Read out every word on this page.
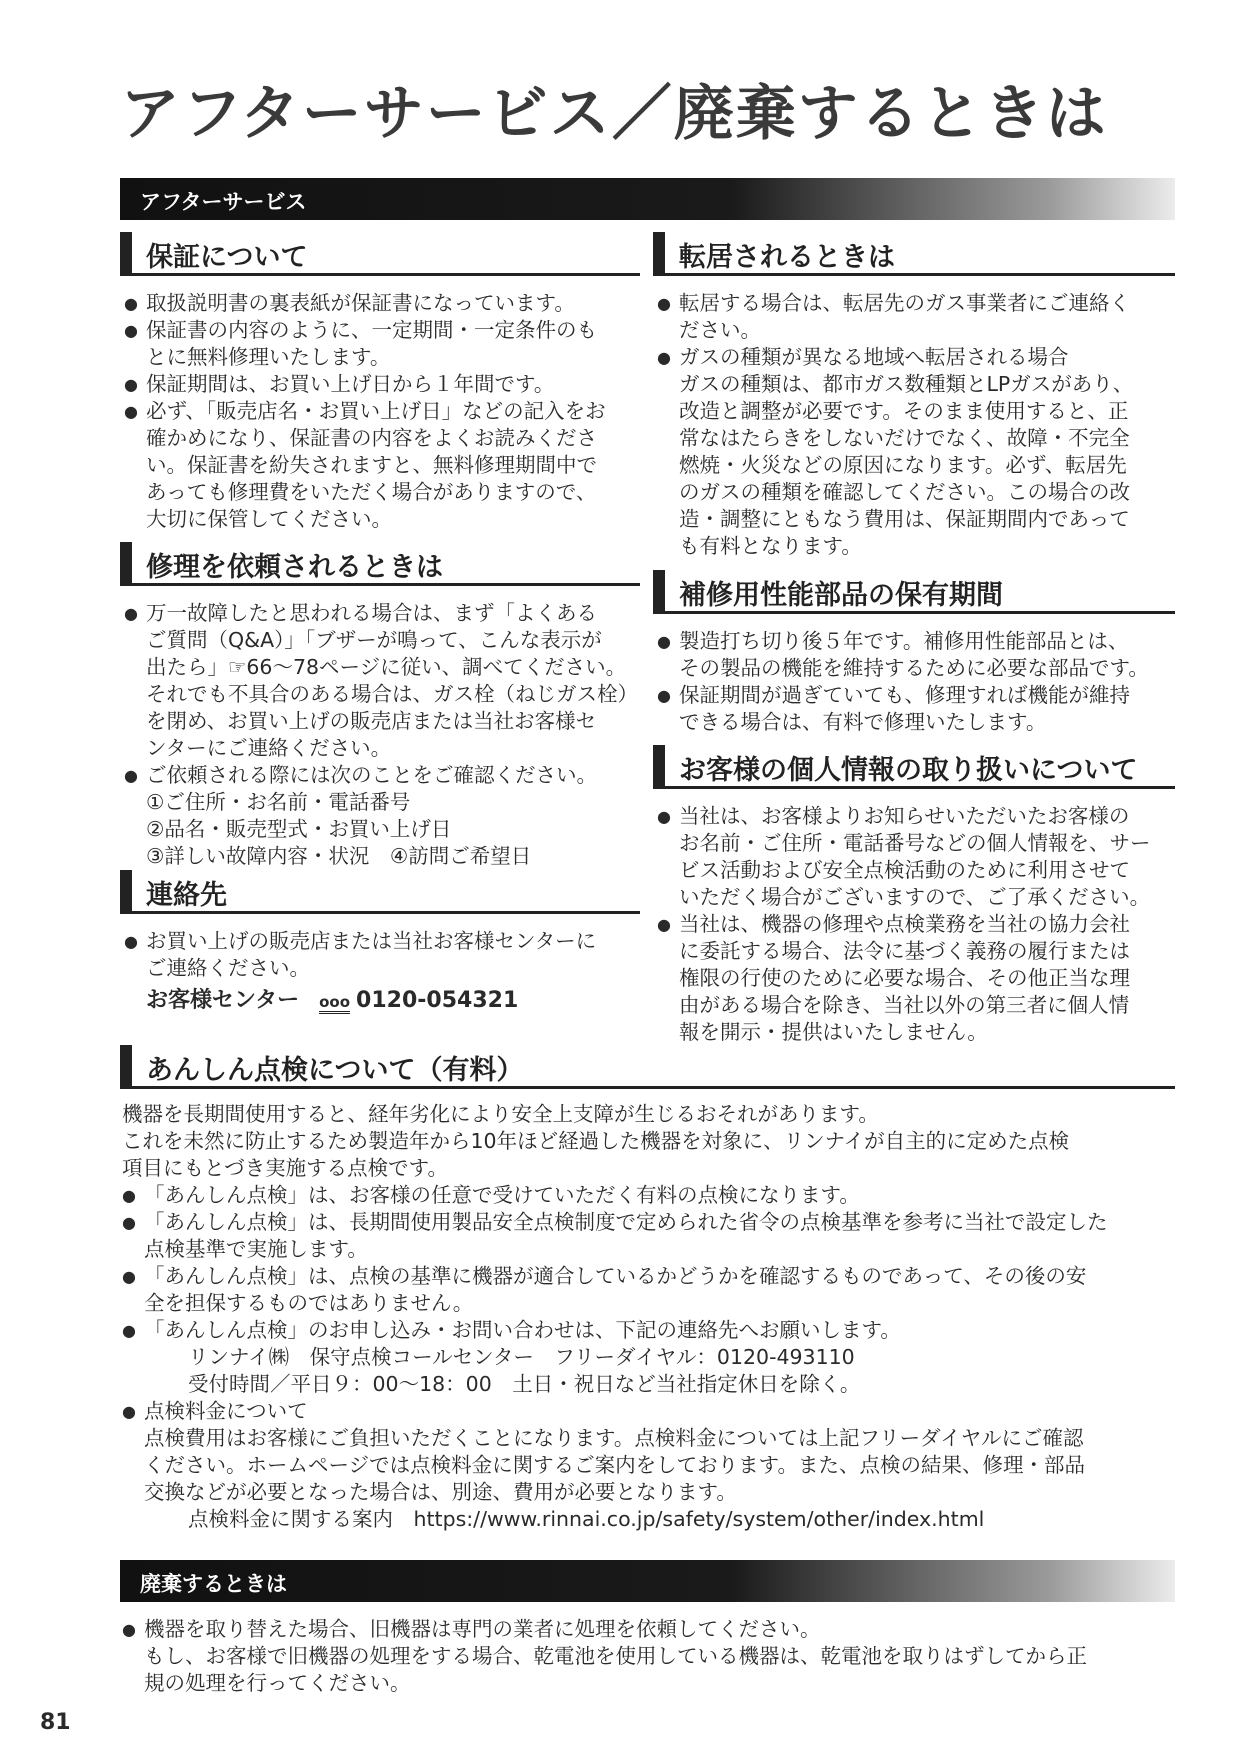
アフターサービス／廃棄するときは
アフターサービス
保証について

● 取扱説明書の裏表紙が保証書になっています。

● 保証書の内容のように、一定期間・一定条件のも

とに無料修理いたします。

● 保証期間は、お買い上げ日から１年間です。

● 必ず、「販売店名・お買い上げ日」などの記入をお

確かめになり、保証書の内容をよくお読みくださ

い。保証書を紛失されますと、無料修理期間中で

あっても修理費をいただく場合がありますので、

大切に保管してください。

修理を依頼されるときは

● 万一故障したと思われる場合は、まず「よくある

ご質問（Q&A）」「ブザーが鳴って、こんな表示が

出たら」☞66～78ページに従い、調べてください。

それでも不具合のある場合は、ガス栓（ねじガス栓）

を閉め、お買い上げの販売店または当社お客様セ

ンターにご連絡ください。

● ご依頼される際には次のことをご確認ください。

①ご住所・お名前・電話番号

②品名・販売型式・お買い上げ日

③詳しい故障内容・状況　④訪問ご希望日

連絡先

● お買い上げの販売店または当社お客様センターに

ご連絡ください。

お客様センター ooo 0120-054321
転居されるときは

● 転居する場合は、転居先のガス事業者にご連絡く

ださい。

● ガスの種類が異なる地域へ転居される場合

ガスの種類は、都市ガス数種類とLPガスがあり、

改造と調整が必要です。そのまま使用すると、正

常なはたらきをしないだけでなく、故障・不完全

燃焼・火災などの原因になります。必ず、転居先

のガスの種類を確認してください。この場合の改

造・調整にともなう費用は、保証期間内であって

も有料となります。

補修用性能部品の保有期間

● 製造打ち切り後５年です。補修用性能部品とは、

その製品の機能を維持するために必要な部品です。

● 保証期間が過ぎていても、修理すれば機能が維持

できる場合は、有料で修理いたします。

お客様の個人情報の取り扱いについて

● 当社は、お客様よりお知らせいただいたお客様の

お名前・ご住所・電話番号などの個人情報を、サー

ビス活動および安全点検活動のために利用させて

いただく場合がございますので、ご了承ください。

● 当社は、機器の修理や点検業務を当社の協力会社

に委託する場合、法令に基づく義務の履行または

権限の行使のために必要な場合、その他正当な理

由がある場合を除き、当社以外の第三者に個人情

報を開示・提供はいたしません。

あんしん点検について（有料）

機器を長期間使用すると、経年劣化により安全上支障が生じるおそれがあります。

これを未然に防止するため製造年から10年ほど経過した機器を対象に、リンナイが自主的に定めた点検

項目にもとづき実施する点検です。

● 「あんしん点検」は、お客様の任意で受けていただく有料の点検になります。

● 「あんしん点検」は、長期間使用製品安全点検制度で定められた省令の点検基準を参考に当社で設定した

点検基準で実施します。

● 「あんしん点検」は、点検の基準に機器が適合しているかどうかを確認するものであって、その後の安

全を担保するものではありません。

● 「あんしん点検」のお申し込み・お問い合わせは、下記の連絡先へお願いします。

リンナイ㈱　保守点検コールセンター　フリーダイヤル：0120-493110

受付時間／平日９：00～18：00　土日・祝日など当社指定休日を除く。

● 点検料金について

点検費用はお客様にご負担いただくことになります。点検料金については上記フリーダイヤルにご確認

ください。ホームページでは点検料金に関するご案内をしております。また、点検の結果、修理・部品

交換などが必要となった場合は、別途、費用が必要となります。

点検料金に関する案内　https://www.rinnai.co.jp/safety/system/other/index.html

廃棄するときは

● 機器を取り替えた場合、旧機器は専門の業者に処理を依頼してください。

もし、お客様で旧機器の処理をする場合、乾電池を使用している機器は、乾電池を取りはずしてから正

規の処理を行ってください。

81
